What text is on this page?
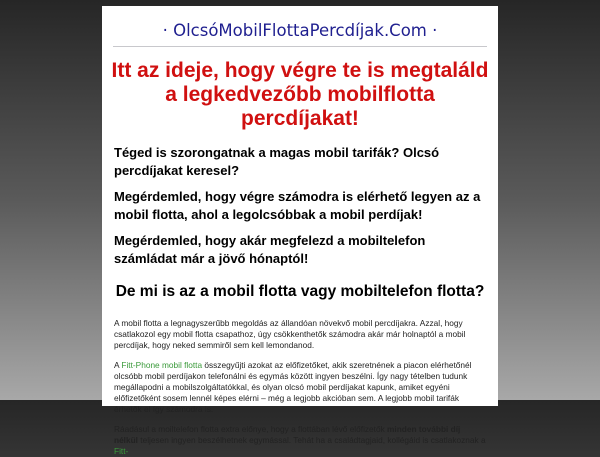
· OlcsóMobilFlottaPercdíjak.Com ·
Itt az ideje, hogy végre te is megtaláld a legkedvezőbb mobilflotta percdíjakat!

Téged is szorongatnak a magas mobil tarifák? Olcsó percdíjakat keresel?

Megérdemled, hogy végre számodra is elérhető legyen az a mobil flotta, ahol a legolcsóbbak a mobil perdíjak!

Megérdemled, hogy akár megfelezd a mobiltelefon számládat már a jövő hónaptól!

De mi is az a mobil flotta vagy mobiltelefon flotta?

A mobil flotta a legnagyszerűbb megoldás az állandóan növekvő mobil percdíjakra. Azzal, hogy csatlakozol egy mobil flotta csapathoz, úgy csökkenthetők számodra akár már holnaptól a mobil percdíjak, hogy neked semmiről sem kell lemondanod.

A Fitt-Phone mobil flotta összegyűjti azokat az előfizetőket, akik szeretnének a piacon elérhetőnél olcsóbb mobil perdíjakon telefonálni és egymás között ingyen beszélni. Így nagy tételben tudunk megállapodni a mobilszolgáltatókkal, és olyan olcsó mobil perdíjakat kapunk, amiket egyéni előfizetőként sosem lennél képes elérni – még a legjobb akcióban sem. A legjobb mobil tarifák érhetők el így számodra is.

Ráadásul a moiltelefon flotta extra előnye, hogy a flottában lévő előfizetők minden további díj nélkül teljesen ingyen beszélhetnek egymással. Tehát ha a családtagjaid, kollégáid is csatlakoznak a Fitt-
